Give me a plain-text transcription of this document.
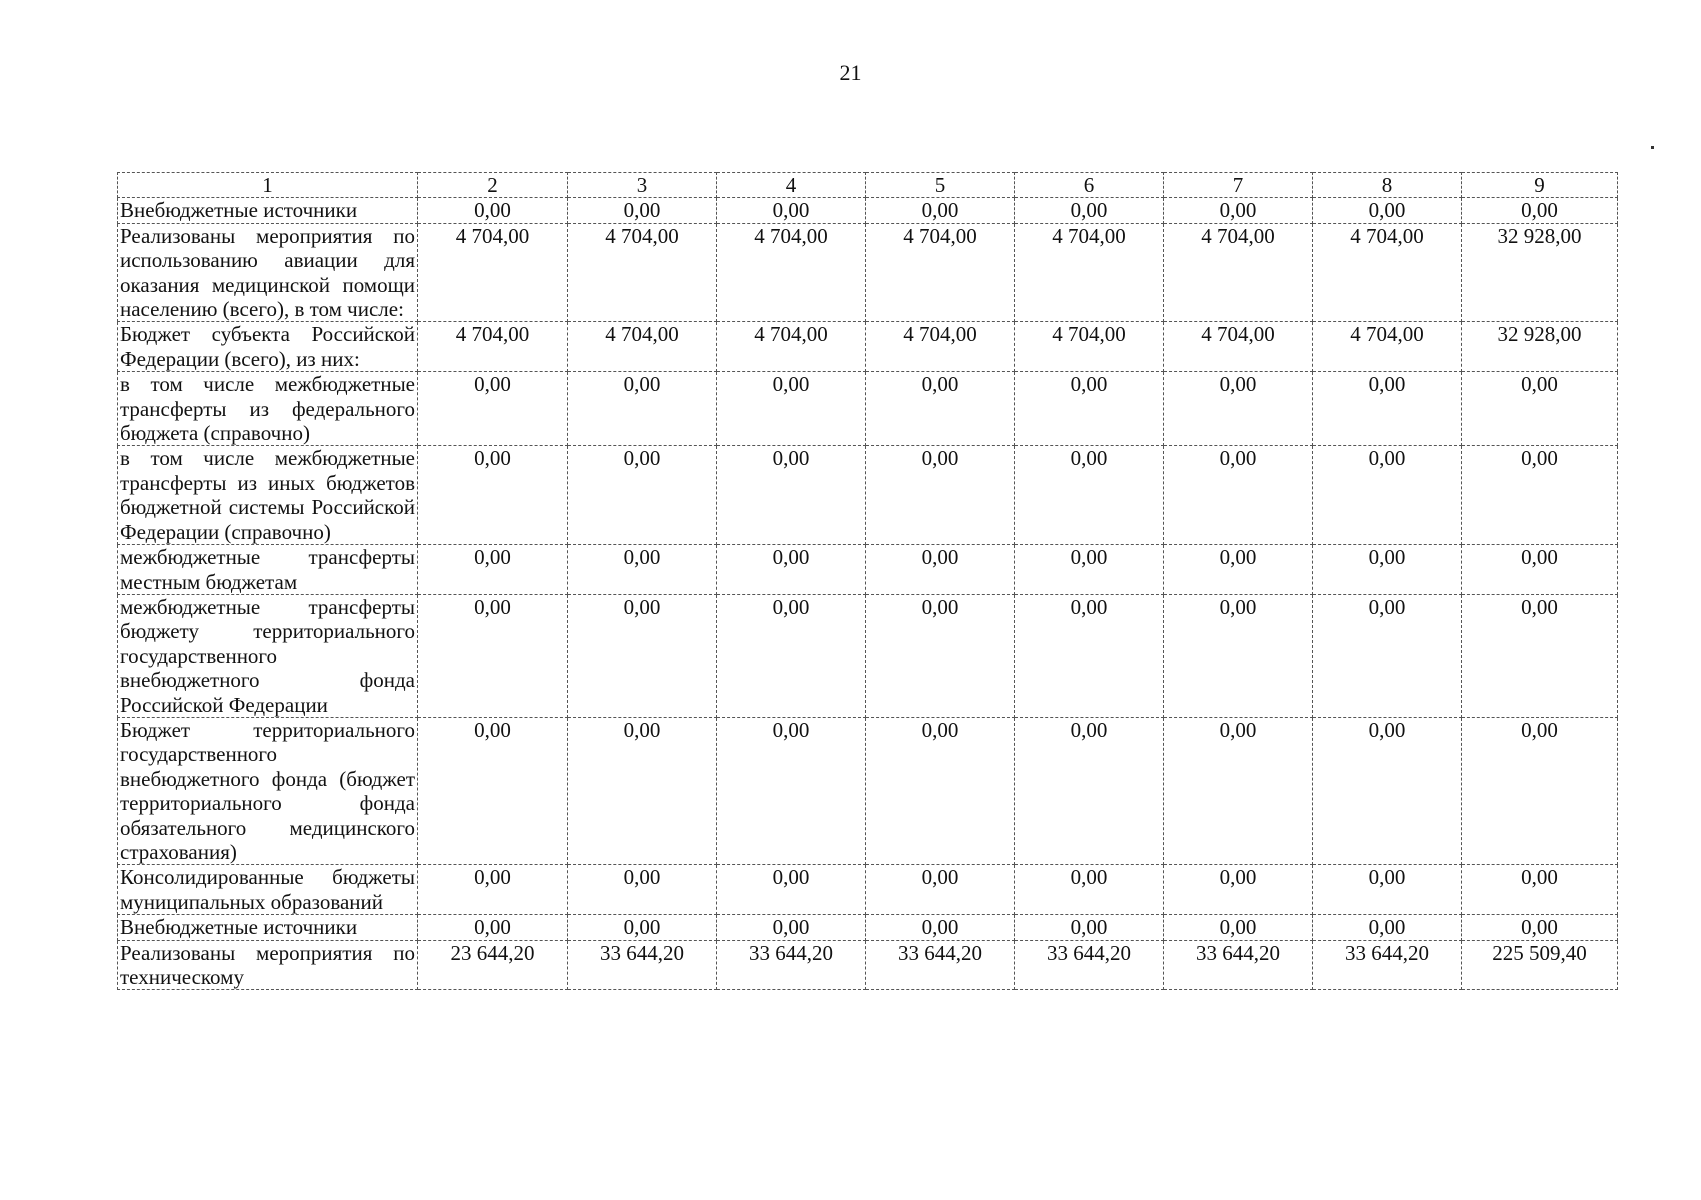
21
1	2	3	4	5	6	7	8	9
Внебюджетные источники	0,00	0,00	0,00	0,00	0,00	0,00	0,00	0,00
Реализованы мероприятия по использованию авиации для оказания медицинской помощи населению (всего), в том числе:	4 704,00	4 704,00	4 704,00	4 704,00	4 704,00	4 704,00	4 704,00	32 928,00
Бюджет субъекта Российской Федерации (всего), из них:	4 704,00	4 704,00	4 704,00	4 704,00	4 704,00	4 704,00	4 704,00	32 928,00
в том числе межбюджетные трансферты из федерального бюджета (справочно)	0,00	0,00	0,00	0,00	0,00	0,00	0,00	0,00
в том числе межбюджетные трансферты из иных бюджетов бюджетной системы Российской Федерации (справочно)	0,00	0,00	0,00	0,00	0,00	0,00	0,00	0,00
межбюджетные трансферты местным бюджетам	0,00	0,00	0,00	0,00	0,00	0,00	0,00	0,00
межбюджетные трансферты бюджету территориального государственного внебюджетного фонда Российской Федерации	0,00	0,00	0,00	0,00	0,00	0,00	0,00	0,00
Бюджет территориального государственного внебюджетного фонда (бюджет территориального фонда обязательного медицинского страхования)	0,00	0,00	0,00	0,00	0,00	0,00	0,00	0,00
Консолидированные бюджеты муниципальных образований	0,00	0,00	0,00	0,00	0,00	0,00	0,00	0,00
Внебюджетные источники	0,00	0,00	0,00	0,00	0,00	0,00	0,00	0,00
Реализованы мероприятия по техническому	23 644,20	33 644,20	33 644,20	33 644,20	33 644,20	33 644,20	33 644,20	225 509,40
